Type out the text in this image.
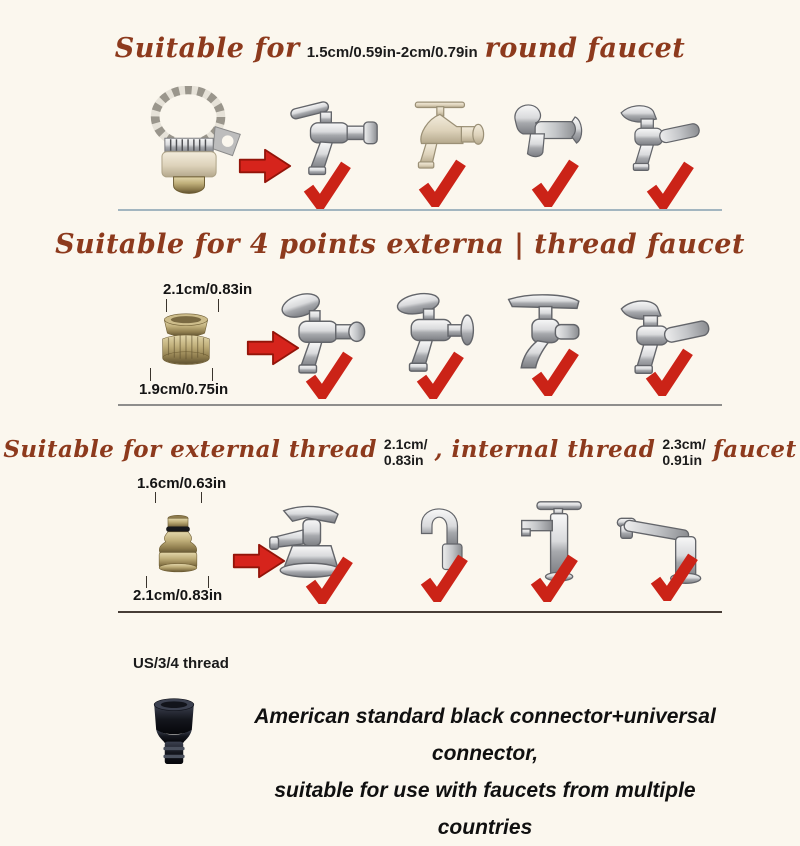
Suitable for 1.5cm/0.59in-2cm/0.79in round faucet
Suitable for 4 points externa | thread faucet
2.1cm/0.83in
1.9cm/0.75in
Suitable for external thread 2.1cm/
0.83in , internal thread 2.3cm/
0.91in faucet
1.6cm/0.63in
2.1cm/0.83in
US/3/4 thread
American standard black connector+universal connector,
suitable for use with faucets from multiple countries
